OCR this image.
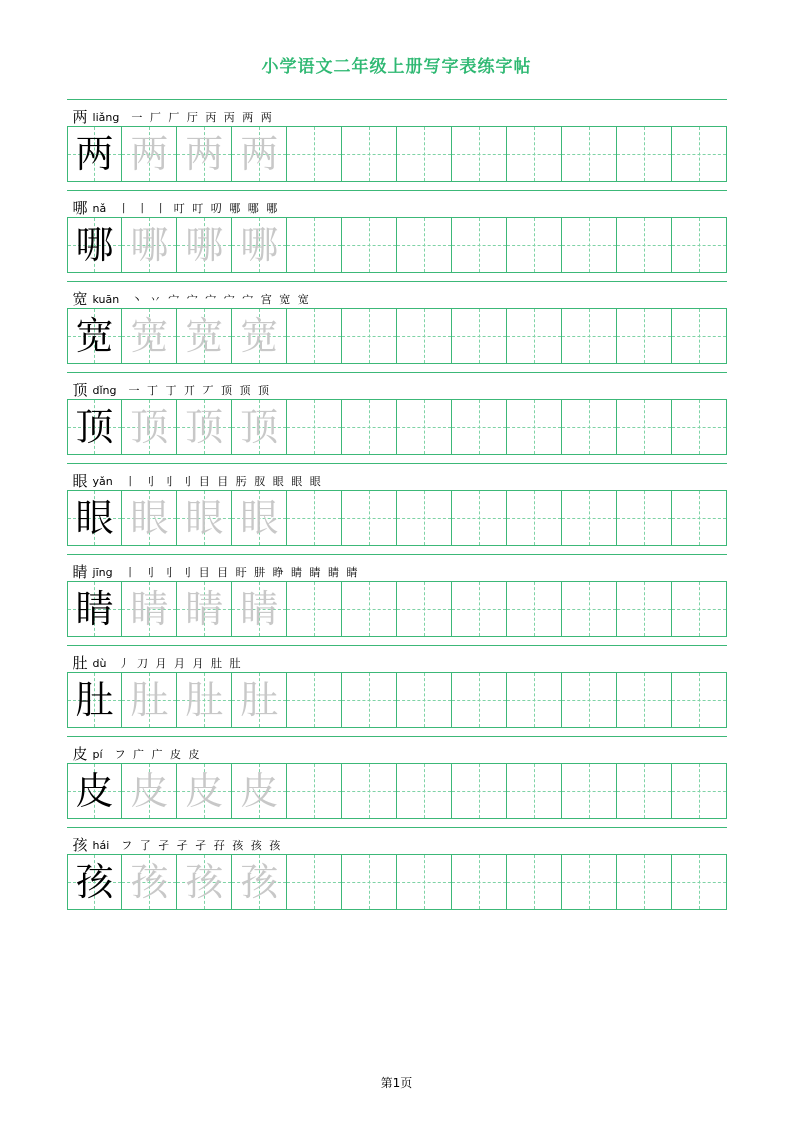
小学语文二年级上册写字表练字帖
两 liǎng 一 厂 厂 厅 丙 丙 两 两
两 两 两 两
哪 nǎ 丨 丨 丨 叮 叮 叨 哪 哪 哪
哪 哪 哪 哪
宽 kuān 丶 丷 宀 宀 宀 宀 宀 宫 宽 宽
宽 宽 宽 宽
顶 dǐng 一 丁 丁 丌 丆 顶 顶 顶
顶 顶 顶 顶
眼 yǎn 丨 刂 刂 刂 目 目 肟 肞 眼 眼 眼
眼 眼 眼 眼
睛 jīng 丨 刂 刂 刂 目 目 盱 肼 睁 睛 睛 睛 睛
睛 睛 睛 睛
肚 dù 丿 刀 月 月 月 肚 肚
肚 肚 肚 肚
皮 pí フ 广 广 皮 皮
皮 皮 皮 皮
孩 hái フ 了 孑 孑 孑 孖 孩 孩 孩
孩 孩 孩 孩
第1页
